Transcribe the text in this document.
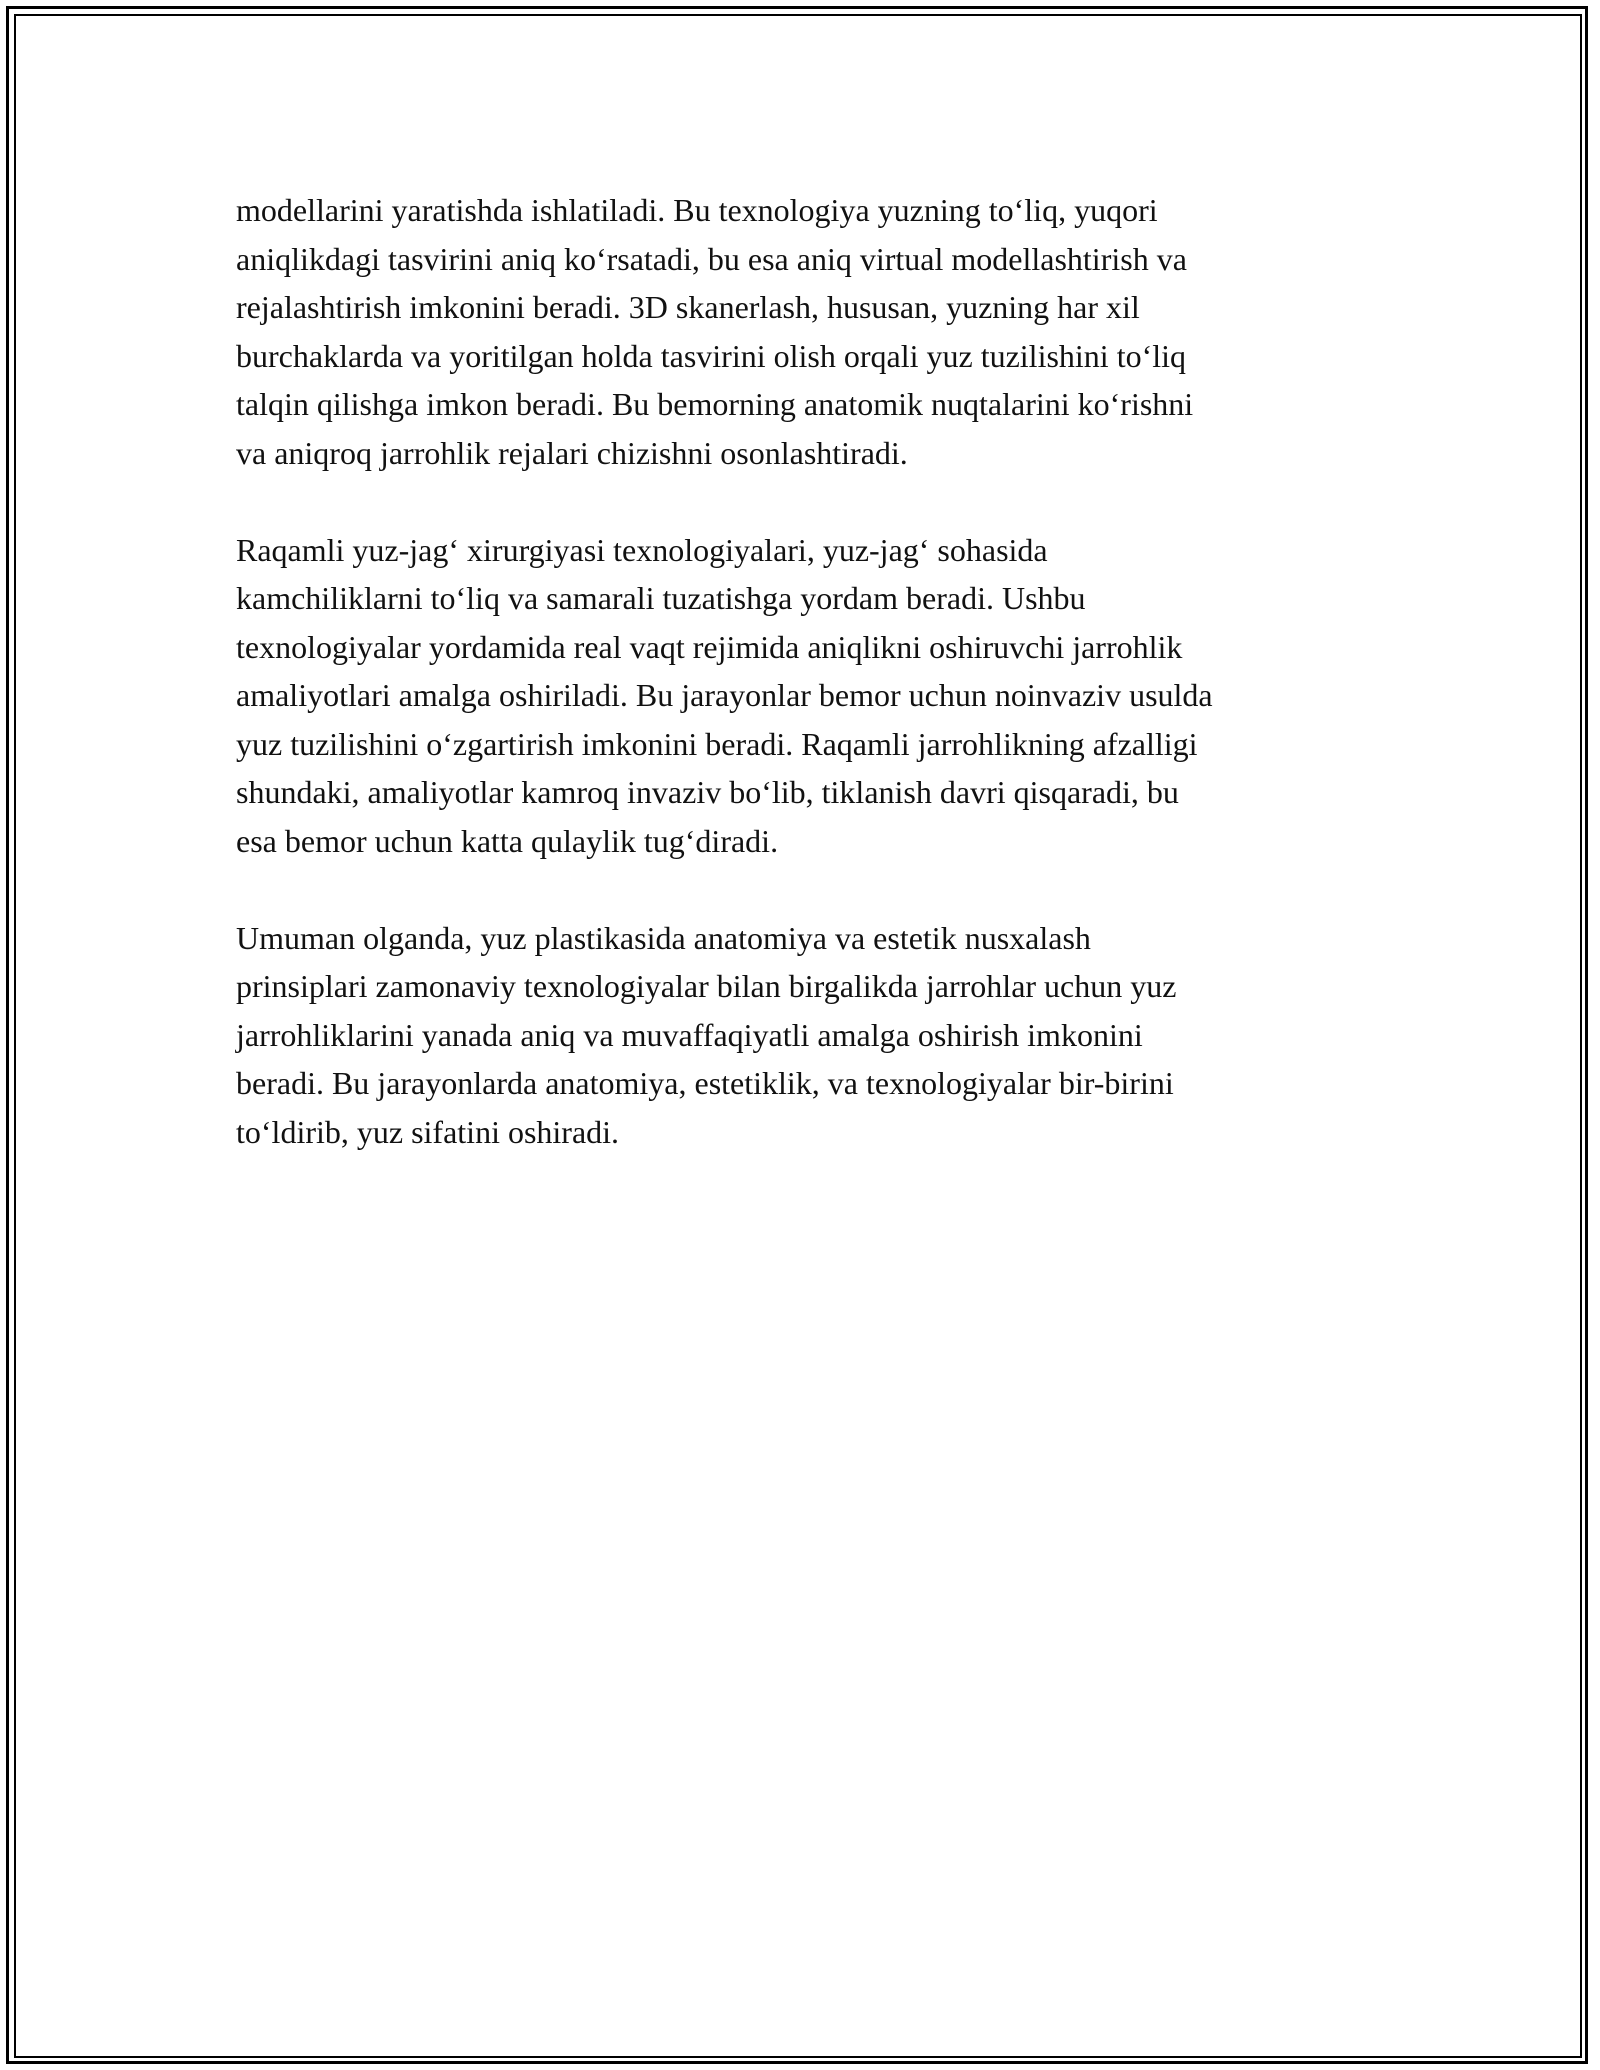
modellarini yaratishda ishlatiladi. Bu texnologiya yuzning to‘liq, yuqori
aniqlikdagi tasvirini aniq ko‘rsatadi, bu esa aniq virtual modellashtirish va
rejalashtirish imkonini beradi. 3D skanerlash, hususan, yuzning har xil
burchaklarda va yoritilgan holda tasvirini olish orqali yuz tuzilishini to‘liq
talqin qilishga imkon beradi. Bu bemorning anatomik nuqtalarini ko‘rishni
va aniqroq jarrohlik rejalari chizishni osonlashtiradi.

Raqamli yuz-jag‘ xirurgiyasi texnologiyalari, yuz-jag‘ sohasida
kamchiliklarni to‘liq va samarali tuzatishga yordam beradi. Ushbu
texnologiyalar yordamida real vaqt rejimida aniqlikni oshiruvchi jarrohlik
amaliyotlari amalga oshiriladi. Bu jarayonlar bemor uchun noinvaziv usulda
yuz tuzilishini o‘zgartirish imkonini beradi. Raqamli jarrohlikning afzalligi
shundaki, amaliyotlar kamroq invaziv bo‘lib, tiklanish davri qisqaradi, bu
esa bemor uchun katta qulaylik tug‘diradi.

Umuman olganda, yuz plastikasida anatomiya va estetik nusxalash
prinsiplari zamonaviy texnologiyalar bilan birgalikda jarrohlar uchun yuz
jarrohliklarini yanada aniq va muvaffaqiyatli amalga oshirish imkonini
beradi. Bu jarayonlarda anatomiya, estetiklik, va texnologiyalar bir-birini
to‘ldirib, yuz sifatini oshiradi.
